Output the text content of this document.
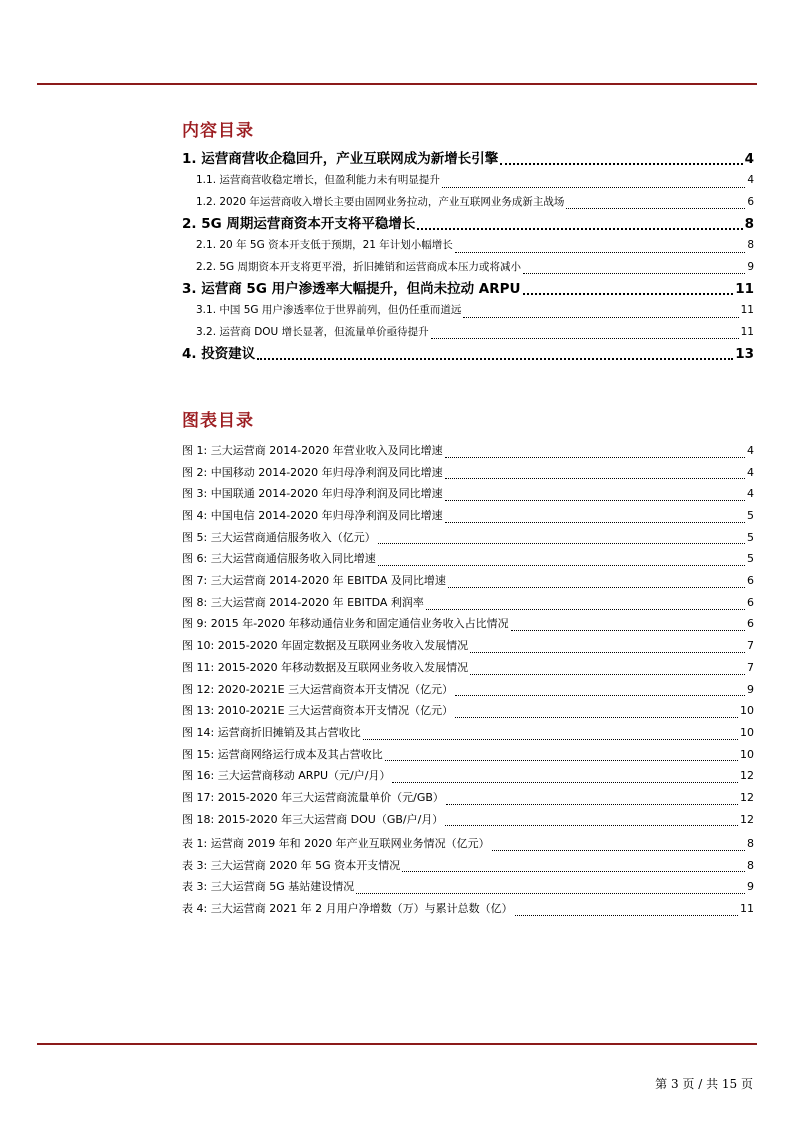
内容目录
1. 运营商营收企稳回升，产业互联网成为新增长引擎	4
1.1. 运营商营收稳定增长，但盈利能力未有明显提升	4
1.2. 2020 年运营商收入增长主要由固网业务拉动，产业互联网业务成新主战场	6
2. 5G 周期运营商资本开支将平稳增长	8
2.1. 20 年 5G 资本开支低于预期，21 年计划小幅增长	8
2.2. 5G 周期资本开支将更平滑，折旧摊销和运营商成本压力或将减小	9
3. 运营商 5G 用户渗透率大幅提升，但尚未拉动 ARPU	11
3.1. 中国 5G 用户渗透率位于世界前列，但仍任重而道远	11
3.2. 运营商 DOU 增长显著，但流量单价亟待提升	11
4. 投资建议	13
图表目录
图 1: 三大运营商 2014-2020 年营业收入及同比增速	4
图 2: 中国移动 2014-2020 年归母净利润及同比增速	4
图 3: 中国联通 2014-2020 年归母净利润及同比增速	4
图 4: 中国电信 2014-2020 年归母净利润及同比增速	5
图 5: 三大运营商通信服务收入（亿元）	5
图 6: 三大运营商通信服务收入同比增速	5
图 7: 三大运营商 2014-2020 年 EBITDA 及同比增速	6
图 8: 三大运营商 2014-2020 年 EBITDA 利润率	6
图 9: 2015 年-2020 年移动通信业务和固定通信业务收入占比情况	6
图 10: 2015-2020 年固定数据及互联网业务收入发展情况	7
图 11: 2015-2020 年移动数据及互联网业务收入发展情况	7
图 12: 2020-2021E 三大运营商资本开支情况（亿元）	9
图 13: 2010-2021E 三大运营商资本开支情况（亿元）	10
图 14: 运营商折旧摊销及其占营收比	10
图 15: 运营商网络运行成本及其占营收比	10
图 16: 三大运营商移动 ARPU（元/户/月）	12
图 17: 2015-2020 年三大运营商流量单价（元/GB）	12
图 18: 2015-2020 年三大运营商 DOU（GB/户/月）	12
表 1: 运营商 2019 年和 2020 年产业互联网业务情况（亿元）	8
表 3: 三大运营商 2020 年 5G 资本开支情况	8
表 3: 三大运营商 5G 基站建设情况	9
表 4: 三大运营商 2021 年 2 月用户净增数（万）与累计总数（亿）	11
第 3 页 / 共 15 页
